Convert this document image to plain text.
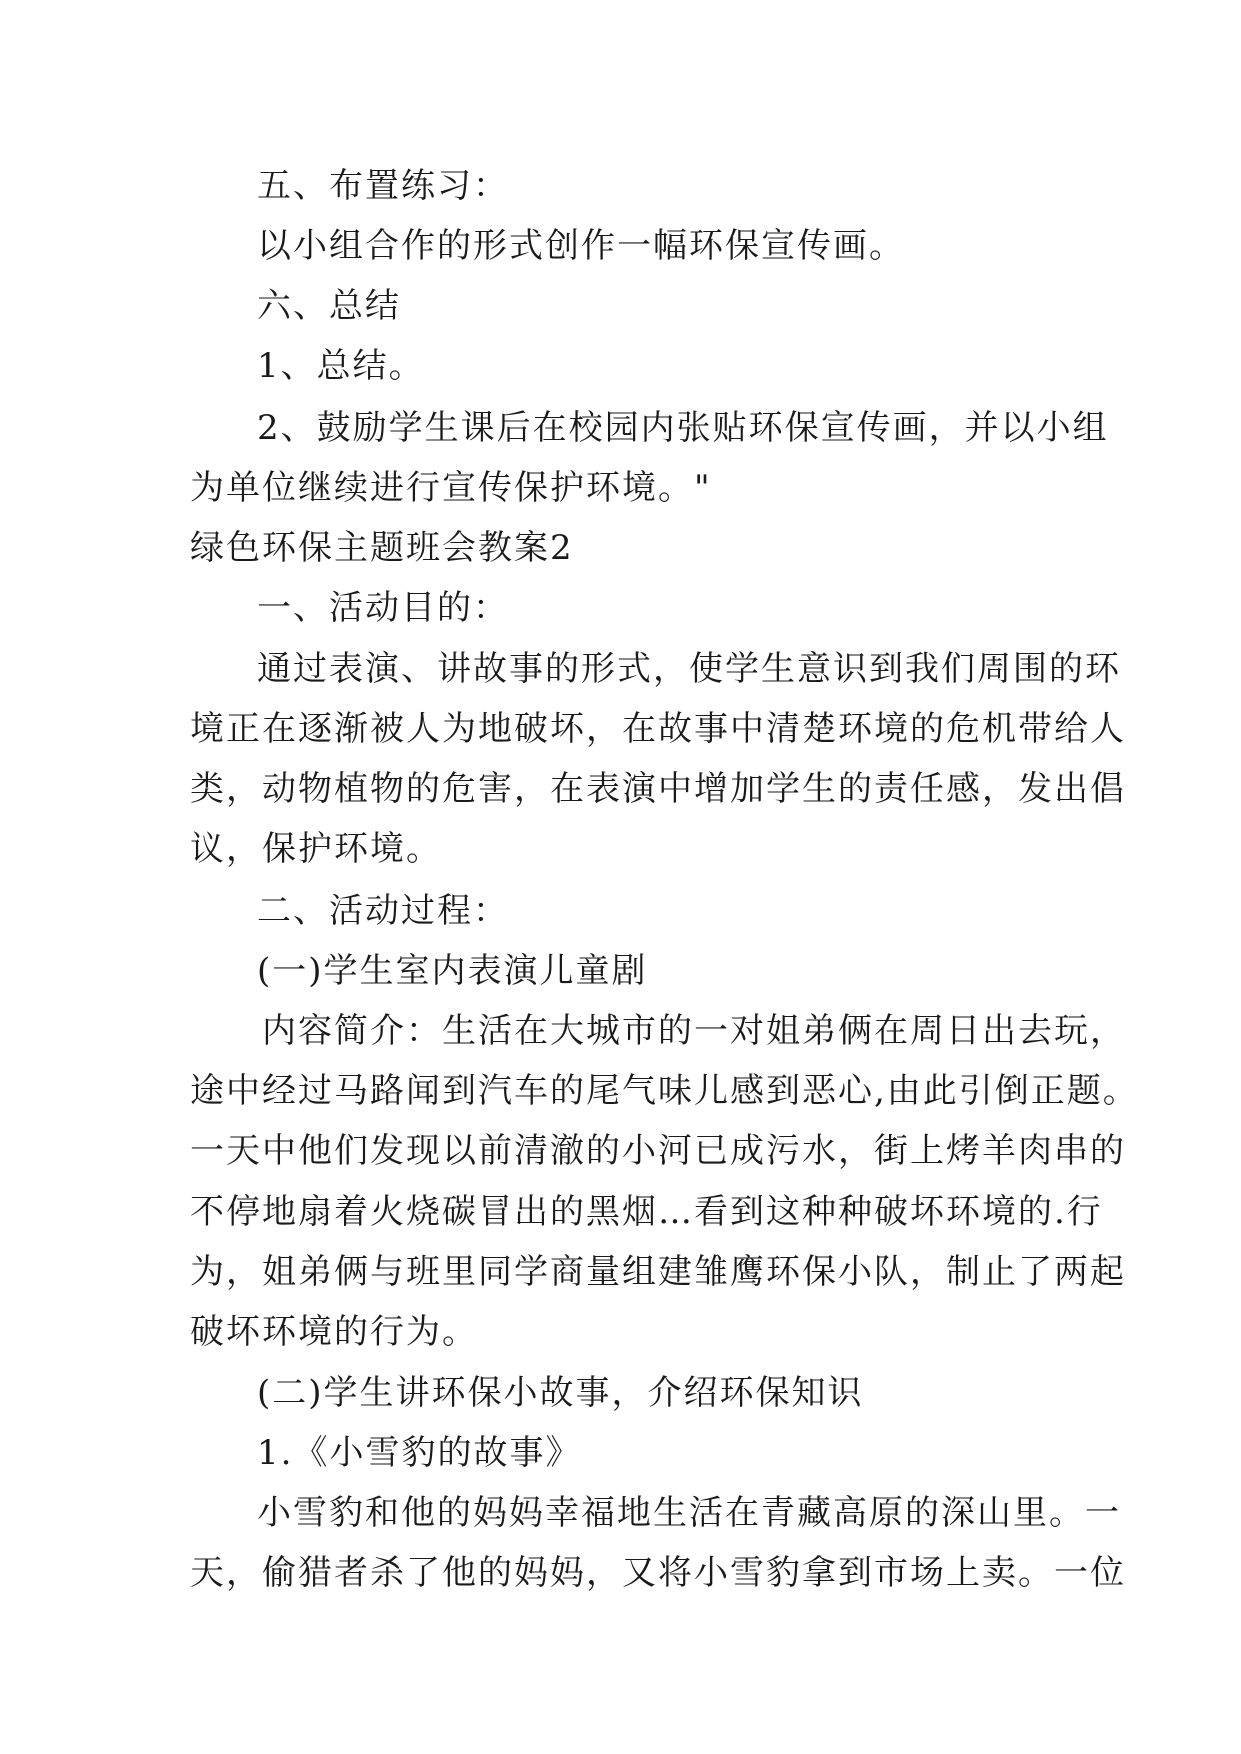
五、布置练习：
以小组合作的形式创作一幅环保宣传画。
六、总结
1、总结。
2、鼓励学生课后在校园内张贴环保宣传画，并以小组
为单位继续进行宣传保护环境。"
绿色环保主题班会教案2
一、活动目的：
通过表演、讲故事的形式，使学生意识到我们周围的环
境正在逐渐被人为地破坏，在故事中清楚环境的危机带给人
类，动物植物的危害，在表演中增加学生的责任感，发出倡
议，保护环境。
二、活动过程：
(一)学生室内表演儿童剧
内容简介：生活在大城市的一对姐弟俩在周日出去玩，
途中经过马路闻到汽车的尾气味儿感到恶心,由此引倒正题。
一天中他们发现以前清澈的小河已成污水，街上烤羊肉串的
不停地扇着火烧碳冒出的黑烟…看到这种种破坏环境的.行
为，姐弟俩与班里同学商量组建雏鹰环保小队，制止了两起
破坏环境的行为。
(二)学生讲环保小故事，介绍环保知识
1.《小雪豹的故事》
小雪豹和他的妈妈幸福地生活在青藏高原的深山里。一
天，偷猎者杀了他的妈妈，又将小雪豹拿到市场上卖。一位
